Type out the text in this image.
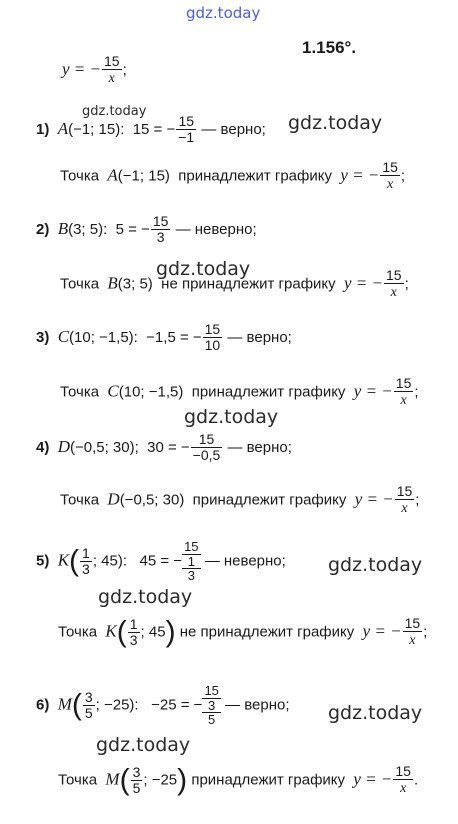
gdz.today
1.156°.
y = − $\frac{15}{x}$ ;
gdz.today
1) A(−1; 15): 15 = − $\frac{15}{-1}$ — верно; gdz.today
Точка A(−1; 15) принадлежит графику y = − $\frac{15}{x}$ ;
2) B(3; 5): 5 = − $\frac{15}{3}$ — неверно;
gdz.today
Точка B(3; 5) не принадлежит графику y = − $\frac{15}{x}$ ;
3) C(10; −1,5): −1,5 = − $\frac{15}{10}$ — верно;
Точка C(10; −1,5) принадлежит графику y = − $\frac{15}{x}$ ;
gdz.today
4) D(−0,5; 30); 30 = − $\frac{15}{-0,5}$ — верно;
Точка D(−0,5; 30) принадлежит графику y = − $\frac{15}{x}$ ;
5) $K( \frac{1}{3}$ ; 45): 45 = −
15
1
3
— неверно; gdz.today
gdz.today
Точка $K( \frac{1}{3}$ ; 45) не принадлежит графику y = − $\frac{15}{x}$ ;
6) $M( \frac{3}{5}$ ; −25): −25 = −
15
3
5
— верно; gdz.today
gdz.today
Точка $M( \frac{3}{5}$ ; −25) принадлежит графику y = − $\frac{15}{x}$ .
